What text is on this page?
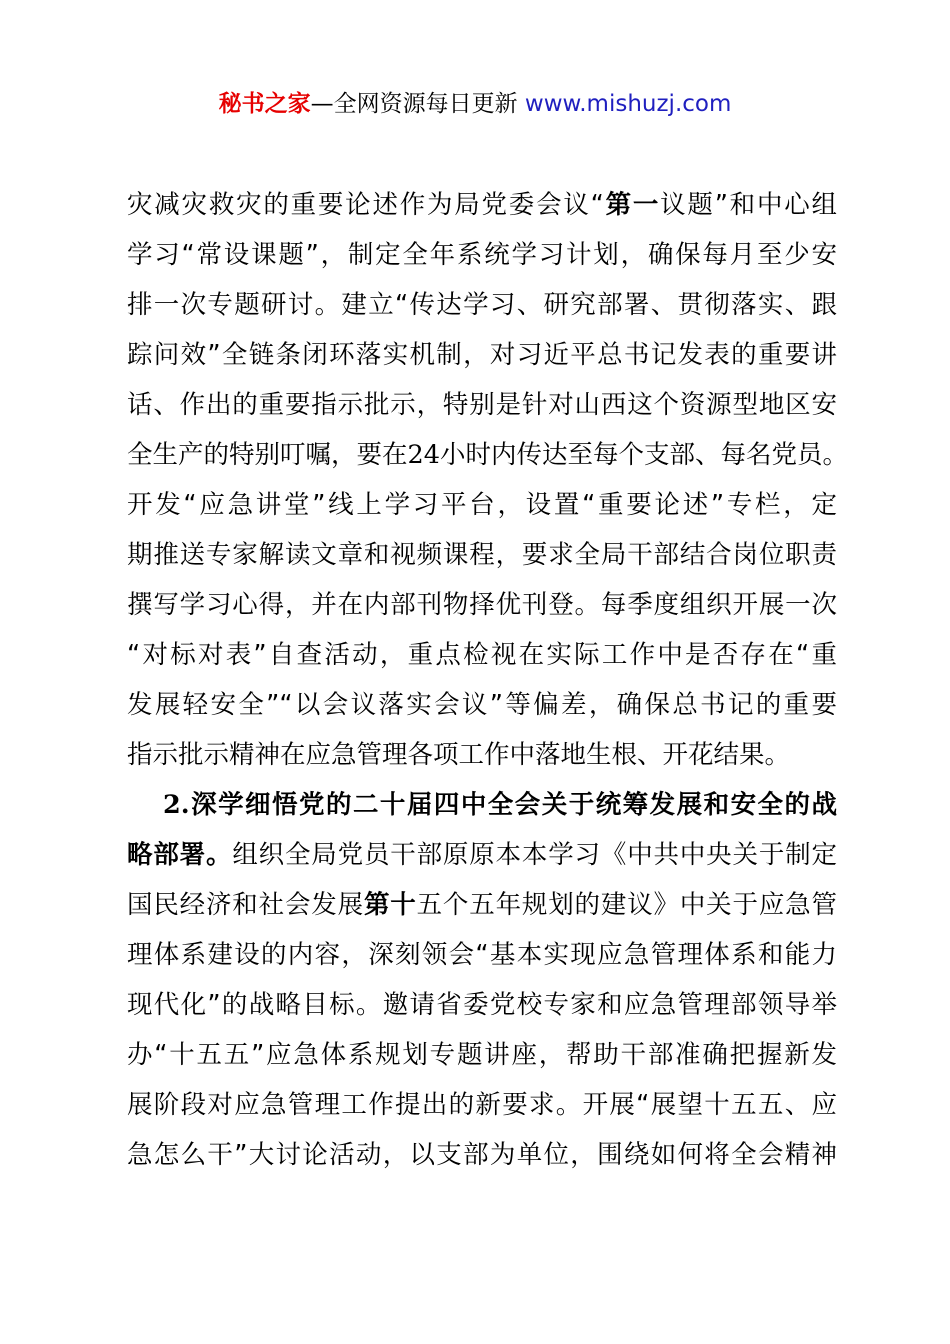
秘书之家—全网资源每日更新 www.mishuzj.com
灾减灾救灾的重要论述作为局党委会议“第一议题”和中心组
学习“常设课题”，制定全年系统学习计划，确保每月至少安
排一次专题研讨。建立“传达学习、研究部署、贯彻落实、跟
踪问效”全链条闭环落实机制，对习近平总书记发表的重要讲
话、作出的重要指示批示，特别是针对山西这个资源型地区安
全生产的特别叮嘱，要在24小时内传达至每个支部、每名党员。
开发“应急讲堂”线上学习平台，设置“重要论述”专栏，定
期推送专家解读文章和视频课程，要求全局干部结合岗位职责
撰写学习心得，并在内部刊物择优刊登。每季度组织开展一次
“对标对表”自查活动，重点检视在实际工作中是否存在“重
发展轻安全”“以会议落实会议”等偏差，确保总书记的重要
指示批示精神在应急管理各项工作中落地生根、开花结果。
2.深学细悟党的二十届四中全会关于统筹发展和安全的战
略部署。组织全局党员干部原原本本学习《中共中央关于制定
国民经济和社会发展第十五个五年规划的建议》中关于应急管
理体系建设的内容，深刻领会“基本实现应急管理体系和能力
现代化”的战略目标。邀请省委党校专家和应急管理部领导举
办“十五五”应急体系规划专题讲座，帮助干部准确把握新发
展阶段对应急管理工作提出的新要求。开展“展望十五五、应
急怎么干”大讨论活动，以支部为单位，围绕如何将全会精神
